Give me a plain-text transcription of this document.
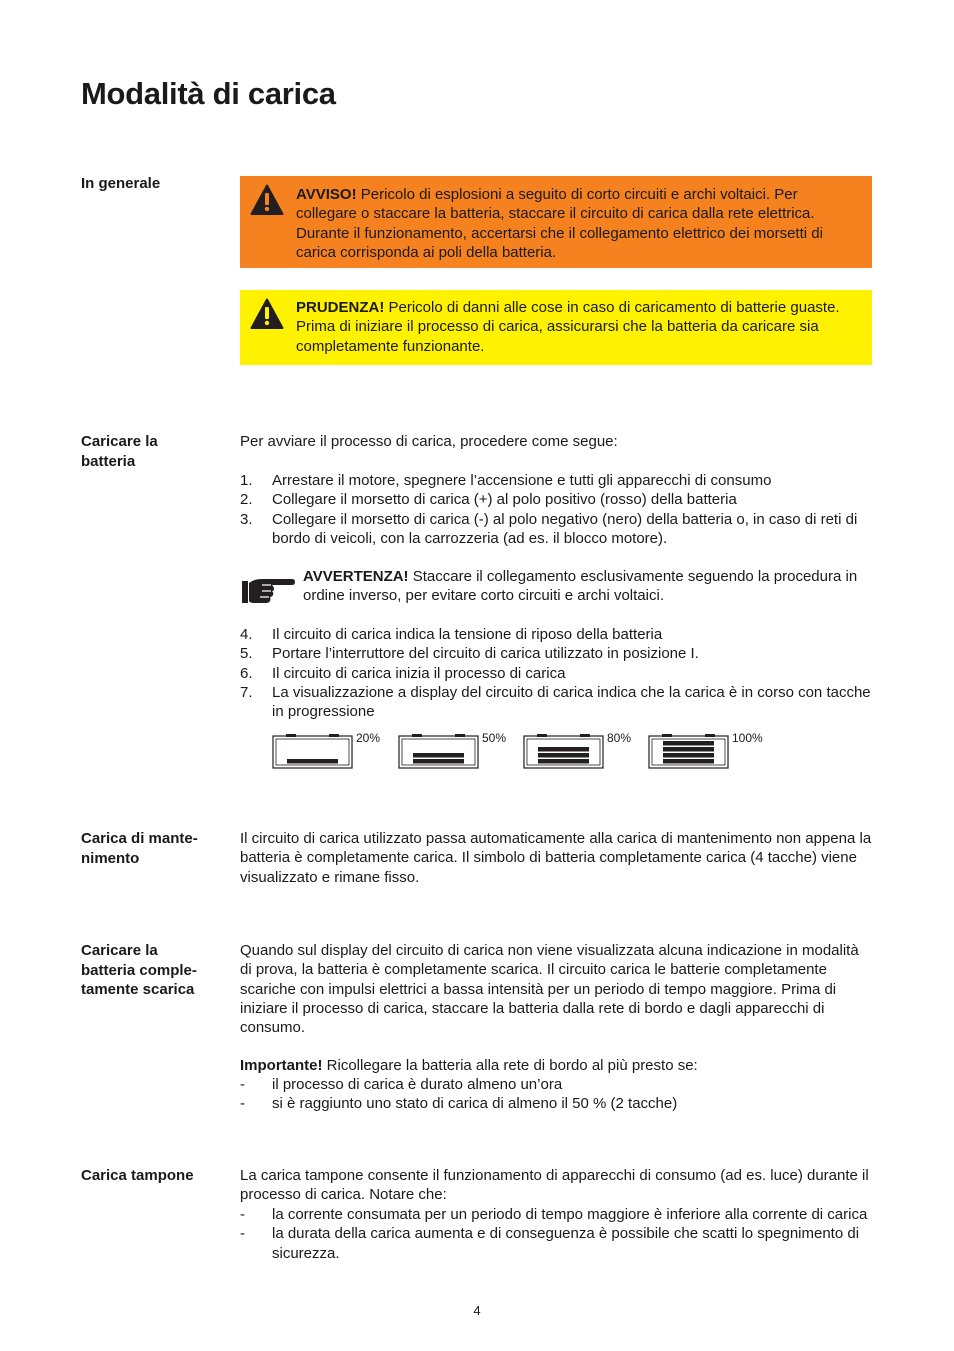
Modalità di carica
In generale
AVVISO! Pericolo di esplosioni a seguito di corto circuiti e archi voltaici. Per collegare o staccare la batteria, staccare il circuito di carica dalla rete elettrica. Durante il funzionamento, accertarsi che il collegamento elettrico dei morsetti di carica corrisponda ai poli della batteria.
PRUDENZA! Pericolo di danni alle cose in caso di caricamento di batterie guaste. Prima di iniziare il processo di carica, assicurarsi che la batteria da caricare sia completamente funzionante.
Caricare la batteria
Per avviare il processo di carica, procedere come segue:
1. Arrestare il motore, spegnere l’accensione e tutti gli apparecchi di consumo
2. Collegare il morsetto di carica (+) al polo positivo (rosso) della batteria
3. Collegare il morsetto di carica (-) al polo negativo (nero) della batteria o, in caso di reti di bordo di veicoli, con la carrozzeria (ad es. il blocco motore).
AVVERTENZA! Staccare il collegamento esclusivamente seguendo la procedura in ordine inverso, per evitare corto circuiti e archi voltaici.
4. Il circuito di carica indica la tensione di riposo della batteria
5. Portare l’interruttore del circuito di carica utilizzato in posizione I.
6. Il circuito di carica inizia il processo di carica
7. La visualizzazione a display del circuito di carica indica che la carica è in corso con tacche in progressione
20%	50%	80%	100%
Carica di mantenimento
Il circuito di carica utilizzato passa automaticamente alla carica di mantenimento non appena la batteria è completamente carica. Il simbolo di batteria completamente carica (4 tacche) viene visualizzato e rimane fisso.
Caricare la batteria completamente scarica
Quando sul display del circuito di carica non viene visualizzata alcuna indicazione in modalità di prova, la batteria è completamente scarica. Il circuito carica le batterie completamente scariche con impulsi elettrici a bassa intensità per un periodo di tempo maggiore. Prima di iniziare il processo di carica, staccare la batteria dalla rete di bordo e dagli apparecchi di consumo.
Importante! Ricollegare la batteria alla rete di bordo al più presto se:
- il processo di carica è durato almeno un’ora
- si è raggiunto uno stato di carica di almeno il 50 % (2 tacche)
Carica tampone	La carica tampone consente il funzionamento di apparecchi di consumo (ad es. luce) durante il processo di carica. Notare che:
- la corrente consumata per un periodo di tempo maggiore è inferiore alla corrente di carica
- la durata della carica aumenta e di conseguenza è possibile che scatti lo spegnimento di sicurezza.
4
